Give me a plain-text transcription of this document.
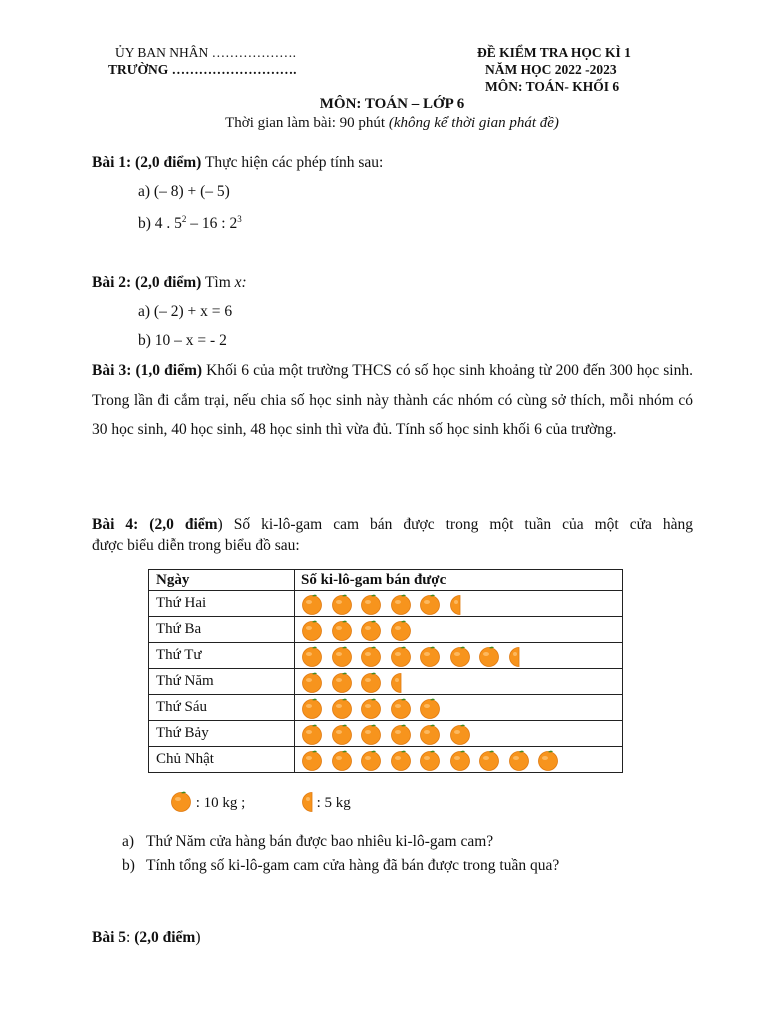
ỦY BAN NHÂN ……………….
TRƯỜNG ……………………….
ĐỀ KIỂM TRA HỌC KÌ 1
NĂM HỌC 2022 -2023
MÔN: TOÁN- KHỐI 6
MÔN: TOÁN – LỚP 6
Thời gian làm bài: 90 phút (không kể thời gian phát đề)
Bài 1: (2,0 điểm) Thực hiện các phép tính sau:
a) (– 8) + (– 5)
b) 4 . $5^2 - 16$ : $2^3$
Bài 2: (2,0 điểm) Tìm x:
a) (– 2) + x = 6
b) 10 – x = - 2
Bài 3: (1,0 điểm) Khối 6 của một trường THCS có số học sinh khoảng từ 200 đến 300 học sinh. Trong lần đi cắm trại, nếu chia số học sinh này thành các nhóm có cùng sở thích, mỗi nhóm có 30 học sinh, 40 học sinh, 48 học sinh thì vừa đủ. Tính số học sinh khối 6 của trường.
Bài 4: (2,0 điểm) Số ki-lô-gam cam bán được trong một tuần của một cửa hàng
được biểu diễn trong biểu đồ sau:
Ngày	Số ki-lô-gam bán được
Thứ Hai	

Thứ Ba	

Thứ Tư	

Thứ Năm	

Thứ Sáu	

Thứ Bảy	

Chủ Nhật	
: 10 kg ;	: 5 kg
a) Thứ Năm cửa hàng bán được bao nhiêu ki-lô-gam cam?
b) Tính tổng số ki-lô-gam cam cửa hàng đã bán được trong tuần qua?
Bài 5: (2,0 điểm)
